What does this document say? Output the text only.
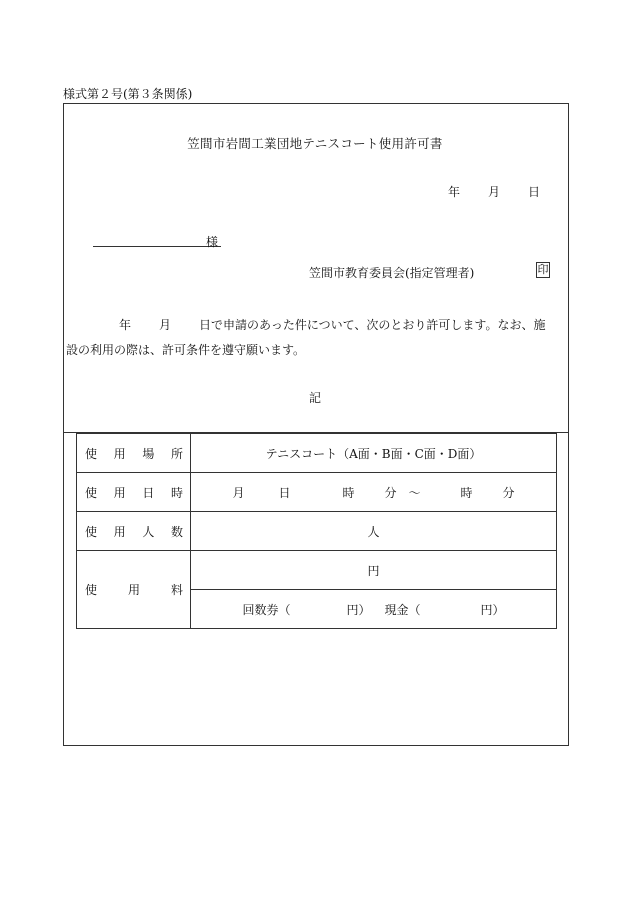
様式第２号(第３条関係)
笠間市岩間工業団地テニスコート使用許可書
年 月 日
様
笠間市教育委員会(指定管理者)	印
年 月 日で申請のあった件について、次のとおり許可します。なお、施
設の利用の際は、許可条件を遵守願います。
記
使 用 場 所	テニスコート（A面・B面・C面・D面）

使 用 日 時	月 日 時 分 ～ 時 分

使 用 人 数	人

使 用 料	円
	回数券（ 円） 現金（ 円）
